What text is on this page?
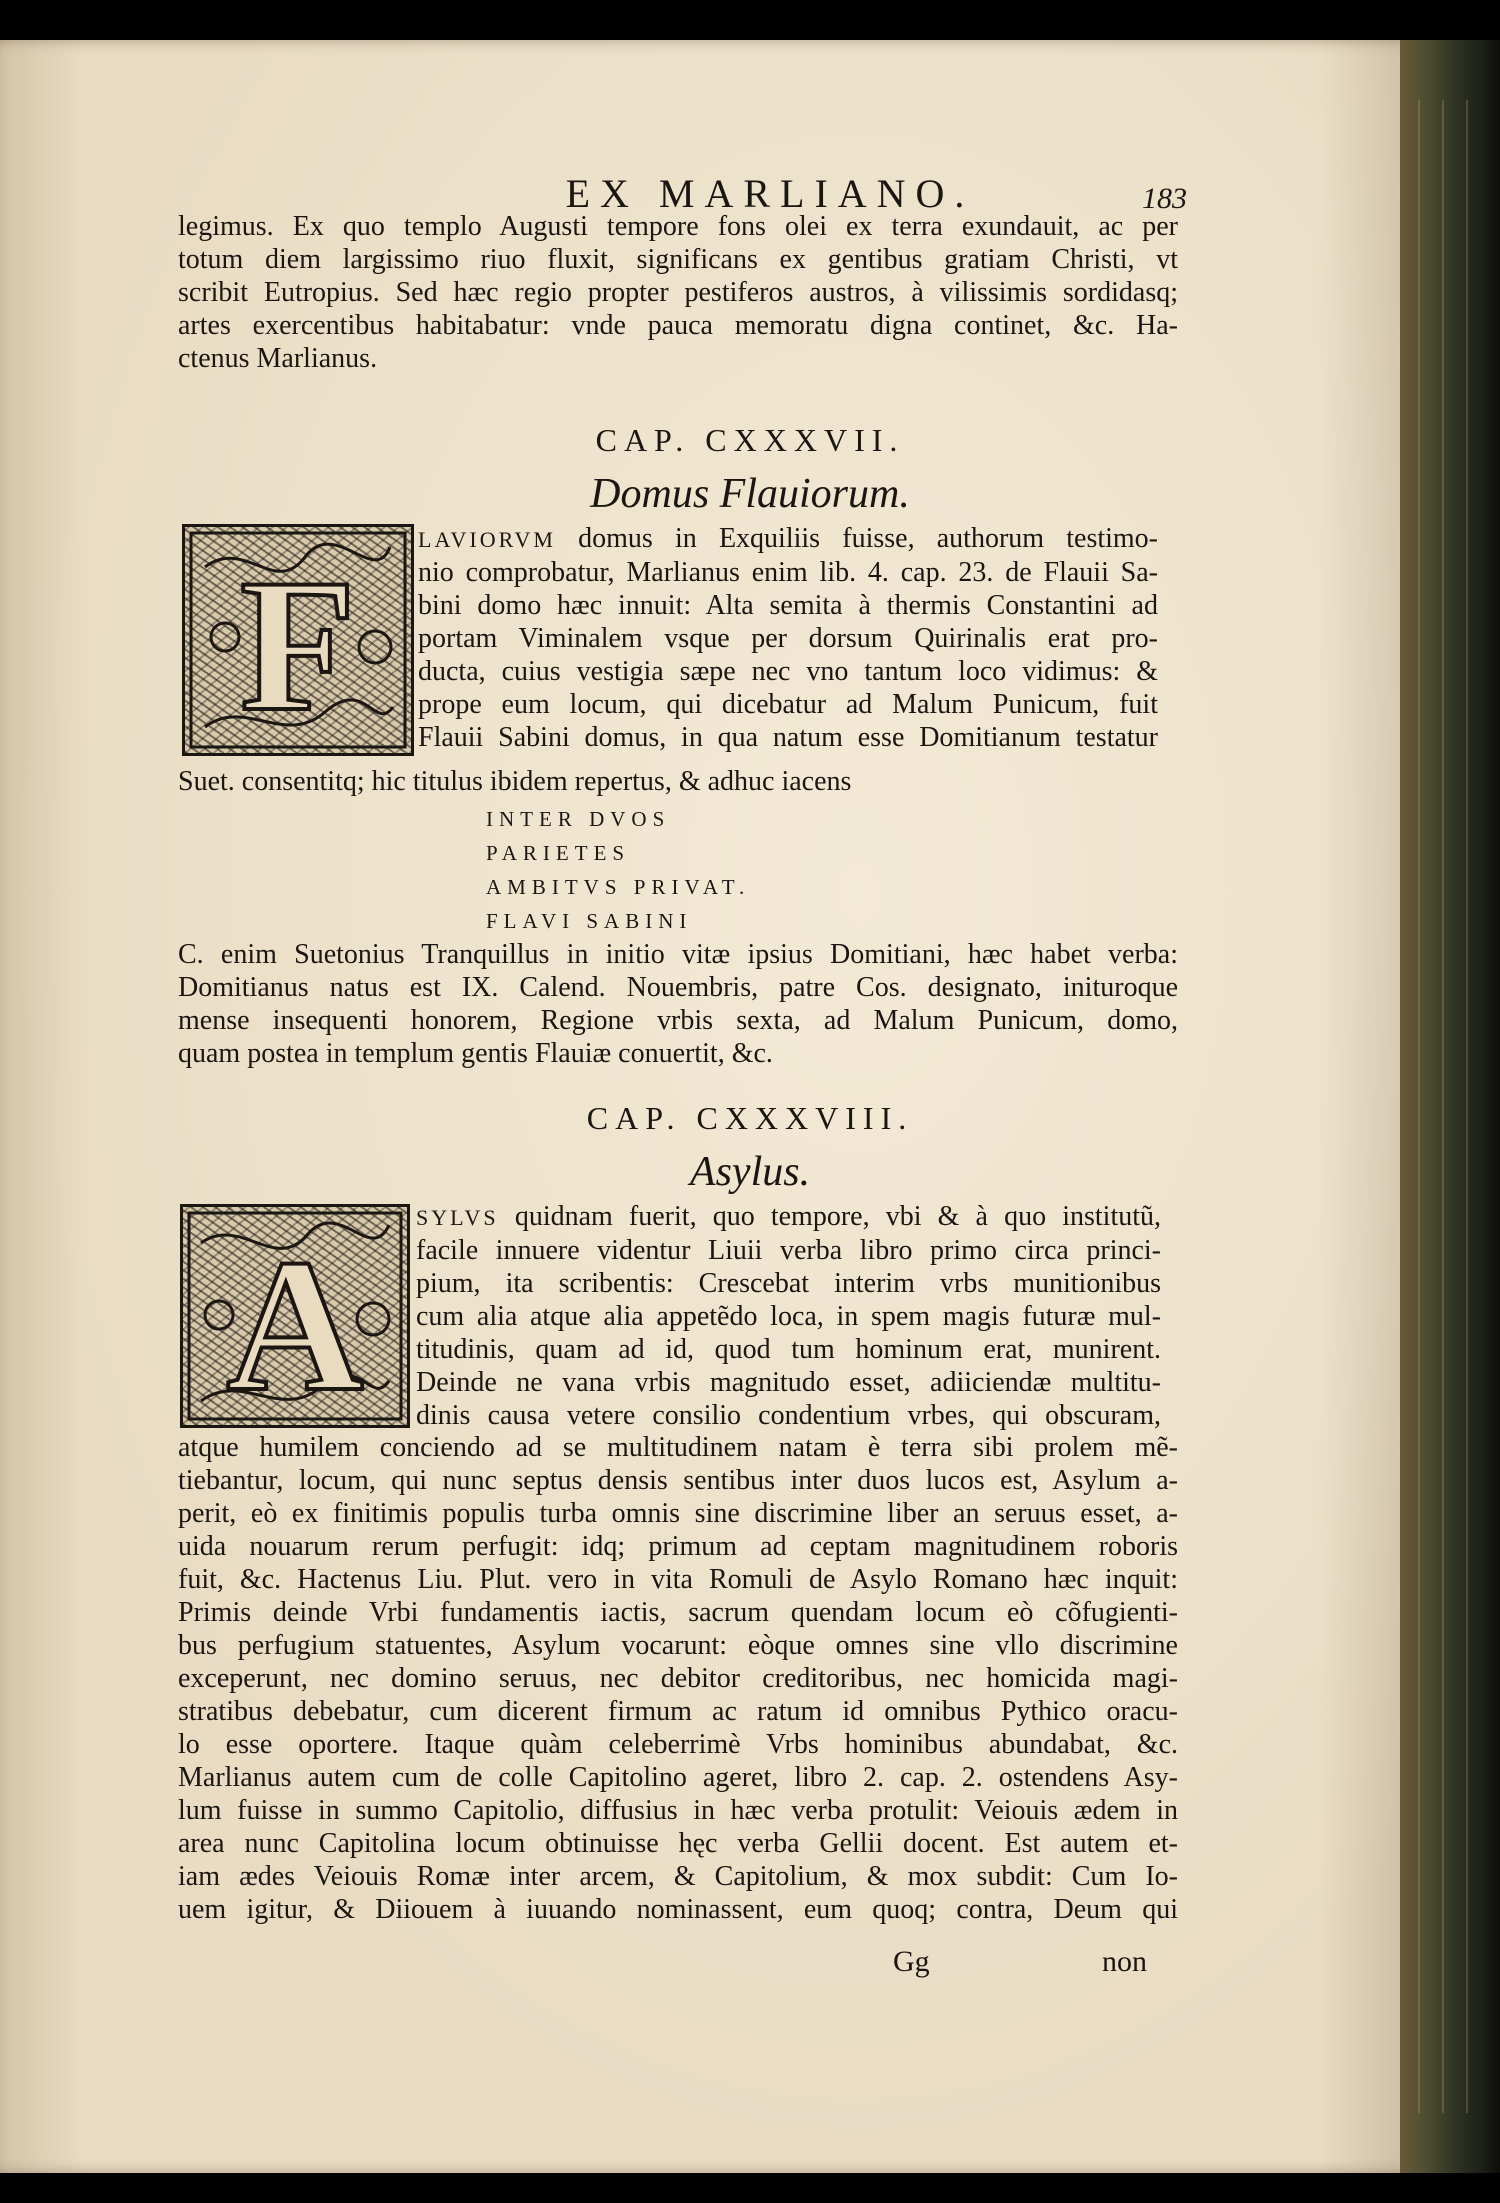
EX MARLIANO.	183
legimus. Ex quo templo Augusti tempore fons olei ex terra exundauit, ac per
totum diem largissimo riuo fluxit, significans ex gentibus gratiam Christi, vt
scribit Eutropius. Sed hæc regio propter pestiferos austros, à vilissimis sordidasq;
artes exercentibus habitabatur: vnde pauca memoratu digna continet, &c. Ha-
ctenus Marlianus.
CAP. CXXXVII.
Domus Flauiorum.
F
LAVIORVM domus in Exquiliis fuisse, authorum testimo-
nio comprobatur, Marlianus enim lib. 4. cap. 23. de Flauii Sa-
bini domo hæc innuit: Alta semita à thermis Constantini ad
portam Viminalem vsque per dorsum Quirinalis erat pro-
ducta, cuius vestigia sæpe nec vno tantum loco vidimus: &
prope eum locum, qui dicebatur ad Malum Punicum, fuit
Flauii Sabini domus, in qua natum esse Domitianum testatur
Suet. consentitq; hic titulus ibidem repertus, & adhuc iacens
INTER DVOS
PARIETES
AMBITVS PRIVAT.
FLAVI SABINI
C. enim Suetonius Tranquillus in initio vitæ ipsius Domitiani, hæc habet verba:
Domitianus natus est IX. Calend. Nouembris, patre Cos. designato, inituroque
mense insequenti honorem, Regione vrbis sexta, ad Malum Punicum, domo,
quam postea in templum gentis Flauiæ conuertit, &c.
CAP. CXXXVIII.
Asylus.
A
SYLVS quidnam fuerit, quo tempore, vbi & à quo institutũ,
facile innuere videntur Liuii verba libro primo circa princi-
pium, ita scribentis: Crescebat interim vrbs munitionibus
cum alia atque alia appetẽdo loca, in spem magis futuræ mul-
titudinis, quam ad id, quod tum hominum erat, munirent.
Deinde ne vana vrbis magnitudo esset, adiiciendæ multitu-
dinis causa vetere consilio condentium vrbes, qui obscuram,
atque humilem conciendo ad se multitudinem natam è terra sibi prolem mẽ-
tiebantur, locum, qui nunc septus densis sentibus inter duos lucos est, Asylum a-
perit, eò ex finitimis populis turba omnis sine discrimine liber an seruus esset, a-
uida nouarum rerum perfugit: idq; primum ad ceptam magnitudinem roboris
fuit, &c. Hactenus Liu. Plut. vero in vita Romuli de Asylo Romano hæc inquit:
Primis deinde Vrbi fundamentis iactis, sacrum quendam locum eò cõfugienti-
bus perfugium statuentes, Asylum vocarunt: eòque omnes sine vllo discrimine
exceperunt, nec domino seruus, nec debitor creditoribus, nec homicida magi-
stratibus debebatur, cum dicerent firmum ac ratum id omnibus Pythico oracu-
lo esse oportere. Itaque quàm celeberrimè Vrbs hominibus abundabat, &c.
Marlianus autem cum de colle Capitolino ageret, libro 2. cap. 2. ostendens Asy-
lum fuisse in summo Capitolio, diffusius in hæc verba protulit: Veiouis ædem in
area nunc Capitolina locum obtinuisse hęc verba Gellii docent. Est autem et-
iam ædes Veiouis Romæ inter arcem, & Capitolium, & mox subdit: Cum Io-
uem igitur, & Diiouem à iuuando nominassent, eum quoq; contra, Deum qui
Gg	non
